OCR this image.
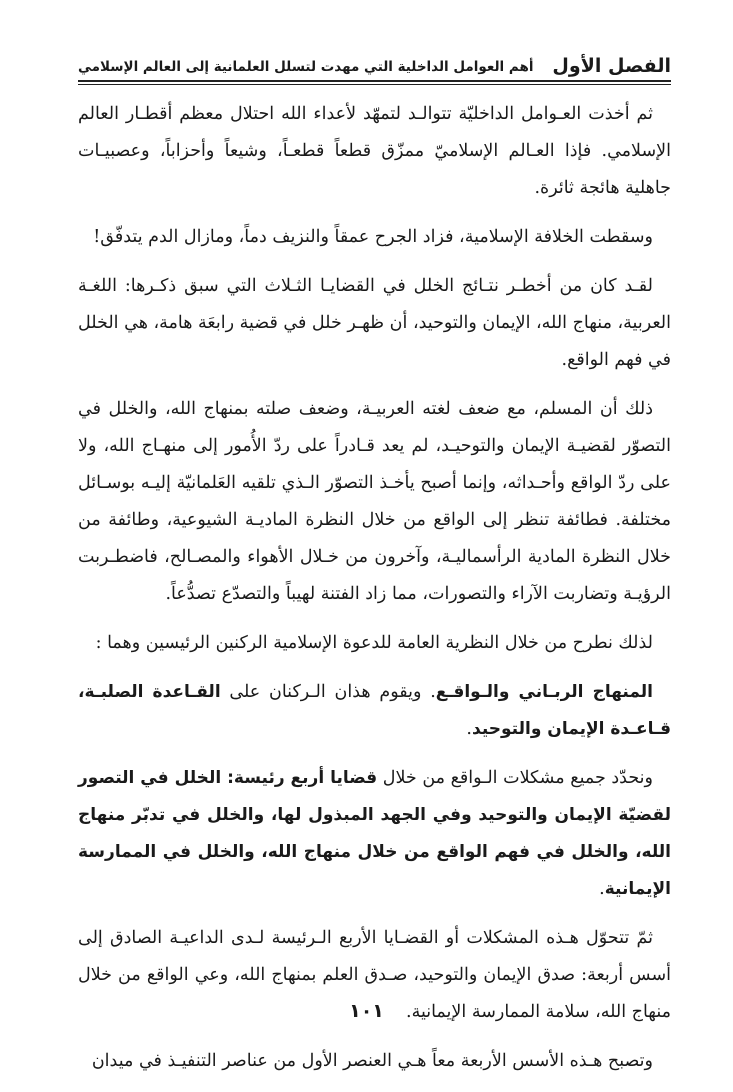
الفصل الأول
أهم العوامل الداخلية التي مهدت لتسلل العلمانية إلى العالم الإسلامي

ثم أخذت العـوامل الداخليّة تتوالـد لتمهّد لأعداء الله احتلال معظم أقطـار العالم الإسلامي. فإذا العـالم الإسلاميّ ممزّق قطعاً قطعـاً، وشيعاً وأحزاباً، وعصبيـات جاهلية هائجة ثائرة.

وسقطت الخلافة الإسلامية، فزاد الجرح عمقاً والنزيف دماً، ومازال الدم يتدفّق!

لقـد كان من أخطـر نتـائج الخلل في القضايـا الثـلاث التي سبق ذكـرها: اللغـة العربية، منهاج الله، الإيمان والتوحيد، أن ظهـر خلل في قضية رابعَة هامة، هي الخلل في فهم الواقع.

ذلك أن المسلم، مع ضعف لغته العربيـة، وضعف صلته بمنهاج الله، والخلل في التصوّر لقضيـة الإيمان والتوحيـد، لم يعد قـادراً على ردّ الأُمور إلى منهـاج الله، ولا على ردّ الواقع وأحـداثه، وإنما أصبح يأخـذ التصوّر الـذي تلقيه العَلمانيّة إليـه بوسـائل مختلفة. فطائفة تنظر إلى الواقع من خلال النظرة الماديـة الشيوعية، وطائفة من خلال النظرة المادية الرأسماليـة، وآخرون من خـلال الأهواء والمصـالح، فاضطـربت الرؤيـة وتضاربت الآراء والتصورات، مما زاد الفتنة لهيباً والتصدّع تصدُّعاً.

لذلك نطرح من خلال النظرية العامة للدعوة الإسلامية الركنين الرئيسين وهما :

المنهاج الربـاني والـواقـع. ويقوم هذان الـركنان على القـاعدة الصلبـة، قـاعـدة الإيمان والتوحيد.

ونحدّد جميع مشكلات الـواقع من خلال قضايا أربع رئيسة: الخلل في التصور لقضيّة الإيمان والتوحيد وفي الجهد المبذول لها، والخلل في تدبّر منهاج الله، والخلل في فهم الواقع من خلال منهاج الله، والخلل في الممارسة الإيمانية.

ثمّ تتحوّل هـذه المشكلات أو القضـايا الأربع الـرئيسة لـدى الداعيـة الصادق إلى أسس أربعة: صدق الإيمان والتوحيد، صـدق العلم بمنهاج الله، وعي الواقع من خلال منهاج الله، سلامة الممارسة الإيمانية.

وتصبح هـذه الأسس الأربعة معاً هـي العنصر الأول من عناصر التنفيـذ في ميدان

١٠١
